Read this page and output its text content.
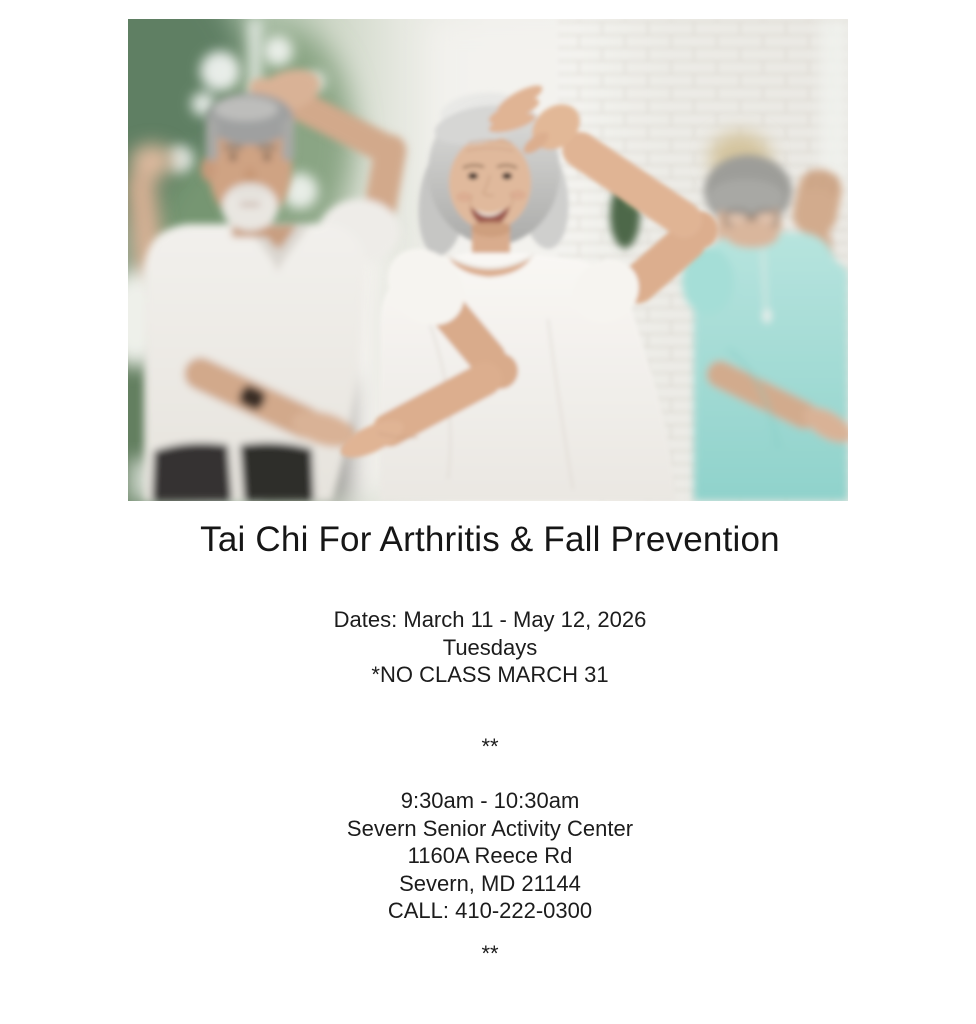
Tai Chi For Arthritis & Fall Prevention

Dates: March 11 - May 12, 2026

Tuesdays

*NO CLASS MARCH 31

**

9:30am - 10:30am

Severn Senior Activity Center

1160A Reece Rd

Severn, MD 21144

CALL: 410-222-0300

**
